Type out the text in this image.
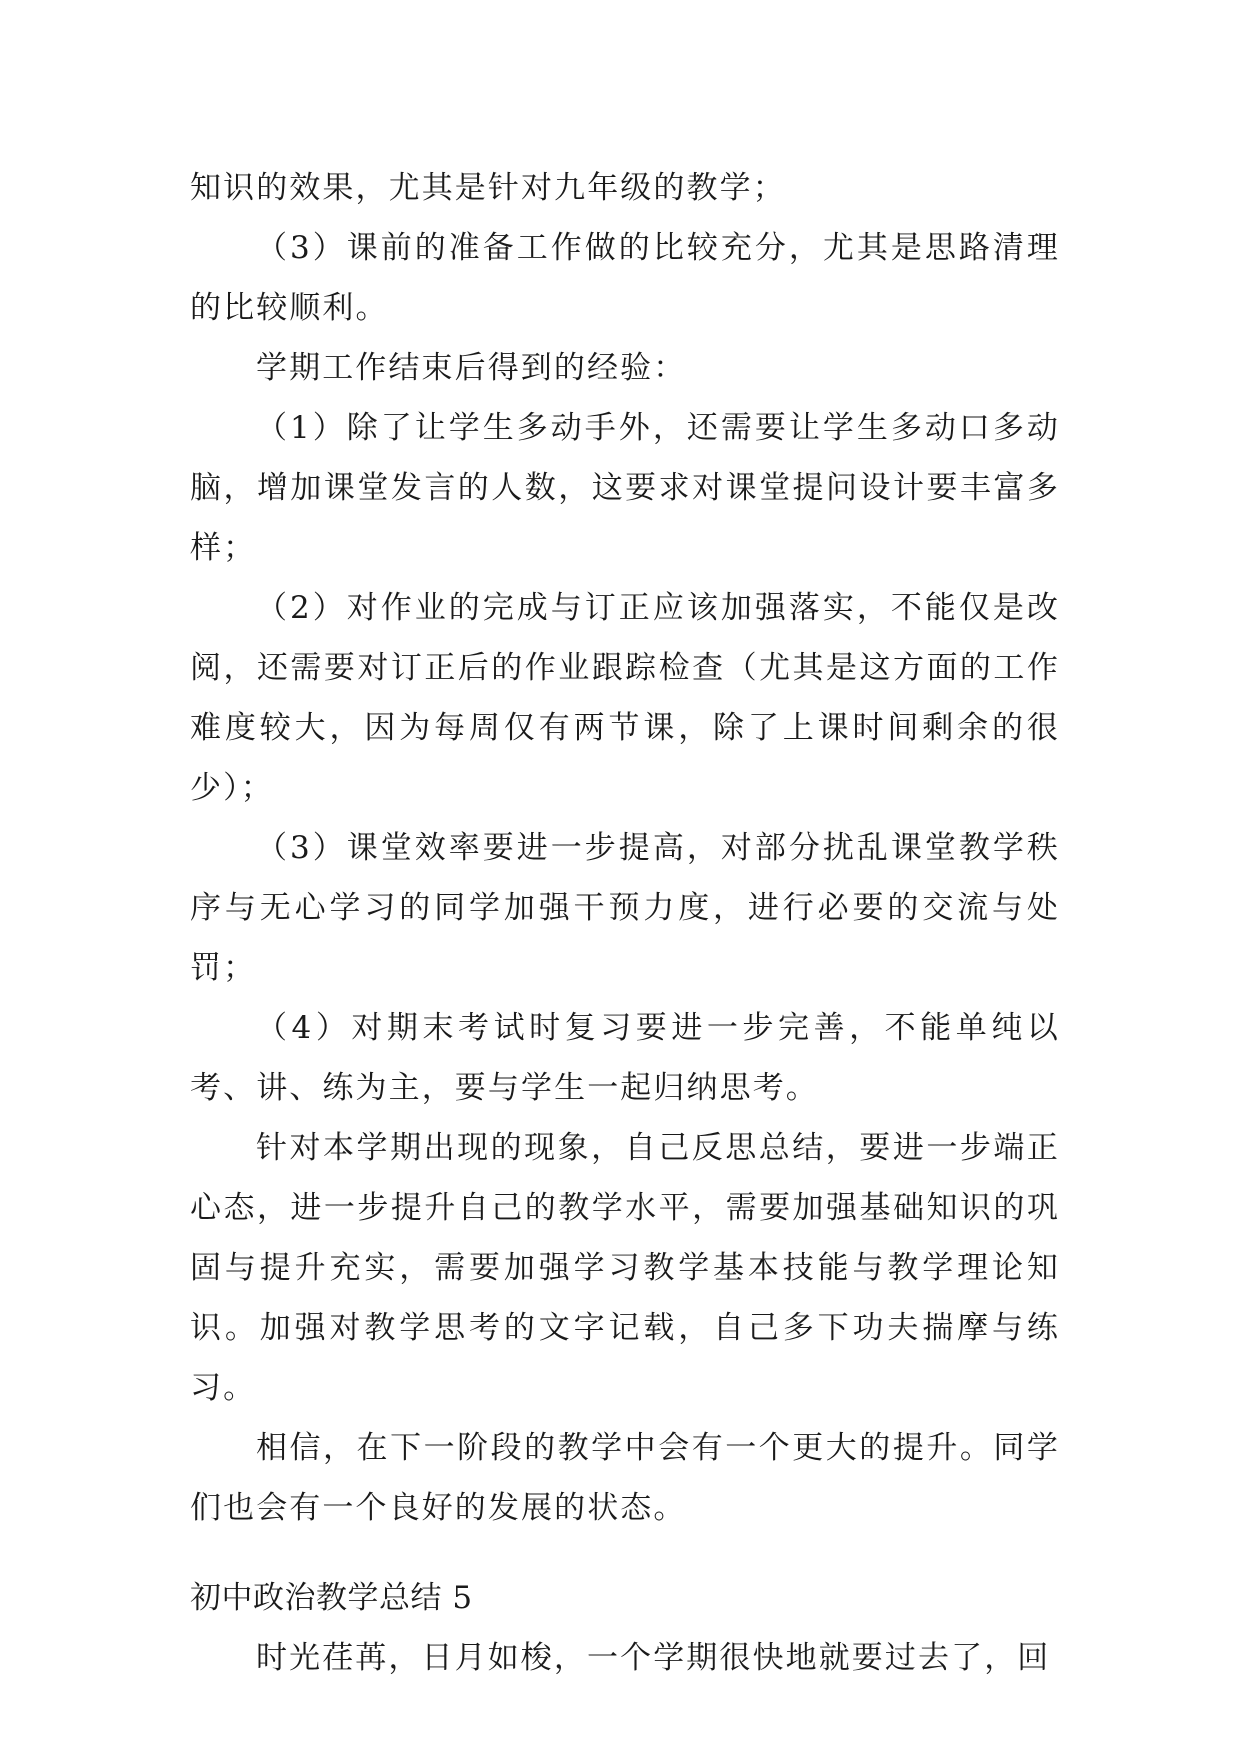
知识的效果，尤其是针对九年级的教学；

（3）课前的准备工作做的比较充分，尤其是思路清理的比较顺利。

学期工作结束后得到的经验：

（1）除了让学生多动手外，还需要让学生多动口多动脑，增加课堂发言的人数，这要求对课堂提问设计要丰富多样；

（2）对作业的完成与订正应该加强落实，不能仅是改阅，还需要对订正后的作业跟踪检查（尤其是这方面的工作难度较大，因为每周仅有两节课，除了上课时间剩余的很少）；

（3）课堂效率要进一步提高，对部分扰乱课堂教学秩序与无心学习的同学加强干预力度，进行必要的交流与处罚；

（4）对期末考试时复习要进一步完善，不能单纯以考、讲、练为主，要与学生一起归纳思考。

针对本学期出现的现象，自己反思总结，要进一步端正心态，进一步提升自己的教学水平，需要加强基础知识的巩固与提升充实，需要加强学习教学基本技能与教学理论知识。加强对教学思考的文字记载，自己多下功夫揣摩与练习。

相信，在下一阶段的教学中会有一个更大的提升。同学们也会有一个良好的发展的状态。

初中政治教学总结 5

时光荏苒，日月如梭，一个学期很快地就要过去了，回
